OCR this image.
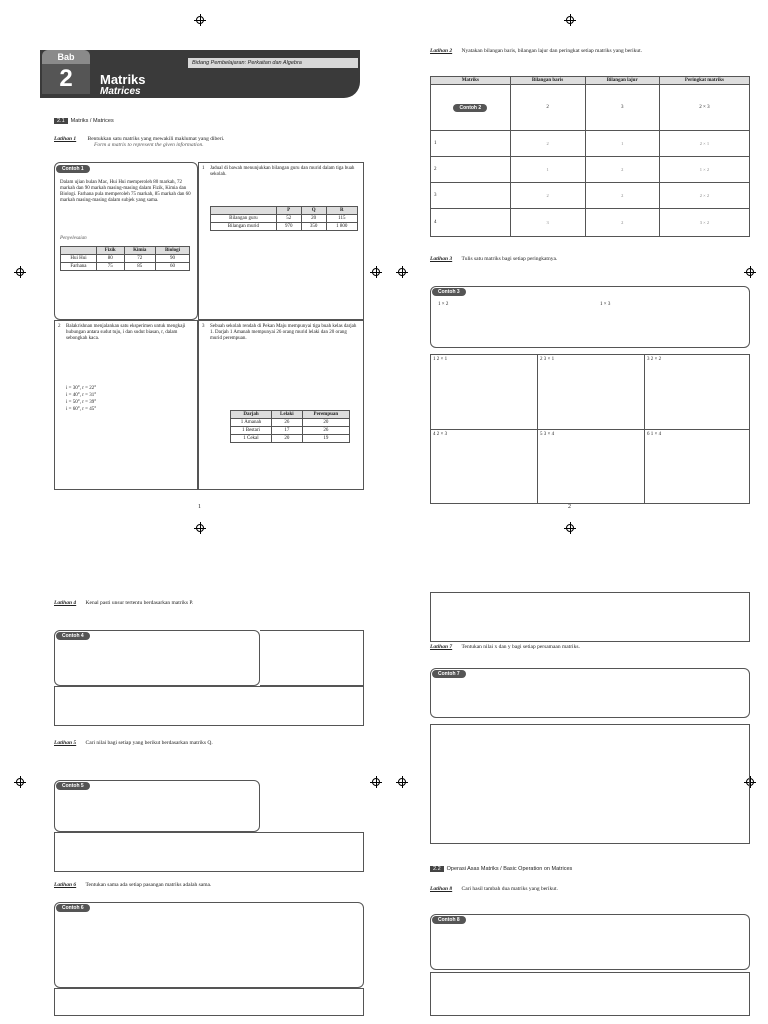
Bab
2	Matriks
Matrices
Bidang Pembelajaran: Perkaitan dan Algebra
2.1 Matriks / Matrices
Latihan 1 Bentukkan satu matriks yang mewakili maklumat yang diberi.
Form a matrix to represent the given information.
Contoh 1
Dalam ujian bulan Mac, Hui Hui memperoleh 80 markah, 72 markah dan 90 markah masing-masing dalam Fizik, Kimia dan Biologi. Farhana pula memperoleh 75 markah, 85 markah dan 60 markah masing-masing dalam subjek yang sama.
Penyelesaian
	Fizik	Kimia	Biologi
Hui Hui	80	72	90
Farhana	75	85	60
1 Jadual di bawah menunjukkan bilangan guru dan murid dalam tiga buah sekolah.
	P	Q	R
Bilangan guru	52	20	115
Bilangan murid	970	350	1 800
2 Balakrishnan menjalankan satu eksperimen untuk mengkaji hubungan antara sudut tuju, i dan sudut biasan, r, dalam sebongkah kaca.
i = 30°, r = 22°
i = 40°, r = 31°
i = 50°, r = 39°
i = 60°, r = 45°
3 Sebuah sekolah rendah di Pekan Maju mempunyai tiga buah kelas darjah 1. Darjah 1 Amanah mempunyai 26 orang murid lelaki dan 20 orang murid perempuan.
Darjah	Lelaki	Perempuan
1 Amanah	26	20
1 Bestari	17	26
1 Cekal	20	19
1
Latihan 2 Nyatakan bilangan baris, bilangan lajur dan peringkat setiap matriks yang berikut.
Matriks	Bilangan baris	Bilangan lajur	Peringkat matriks
Contoh 2	2	3	2 × 3
1	2	1	2 × 1
2	1	2	1 × 2
3	2	2	2 × 2
4	3	2	3 × 2
Latihan 3 Tulis satu matriks bagi setiap peringkatnya.
Contoh 3
1 × 2	1 × 3
1 2 × 1	2 3 × 1	3 2 × 2
4 2 × 3	5 3 × 4	6 1 × 4
2
Latihan 4 Kenal pasti unsur tertentu berdasarkan matriks P.
Contoh 4
Latihan 5 Cari nilai bagi setiap yang berikut berdasarkan matriks Q.
Contoh 5
Latihan 6 Tentukan sama ada setiap pasangan matriks adalah sama.
Contoh 6
Latihan 7 Tentukan nilai x dan y bagi setiap persamaan matriks.
Contoh 7
2.2 Operasi Asas Matriks / Basic Operation on Matrices
Latihan 8 Cari hasil tambah dua matriks yang berikut.
Contoh 8
